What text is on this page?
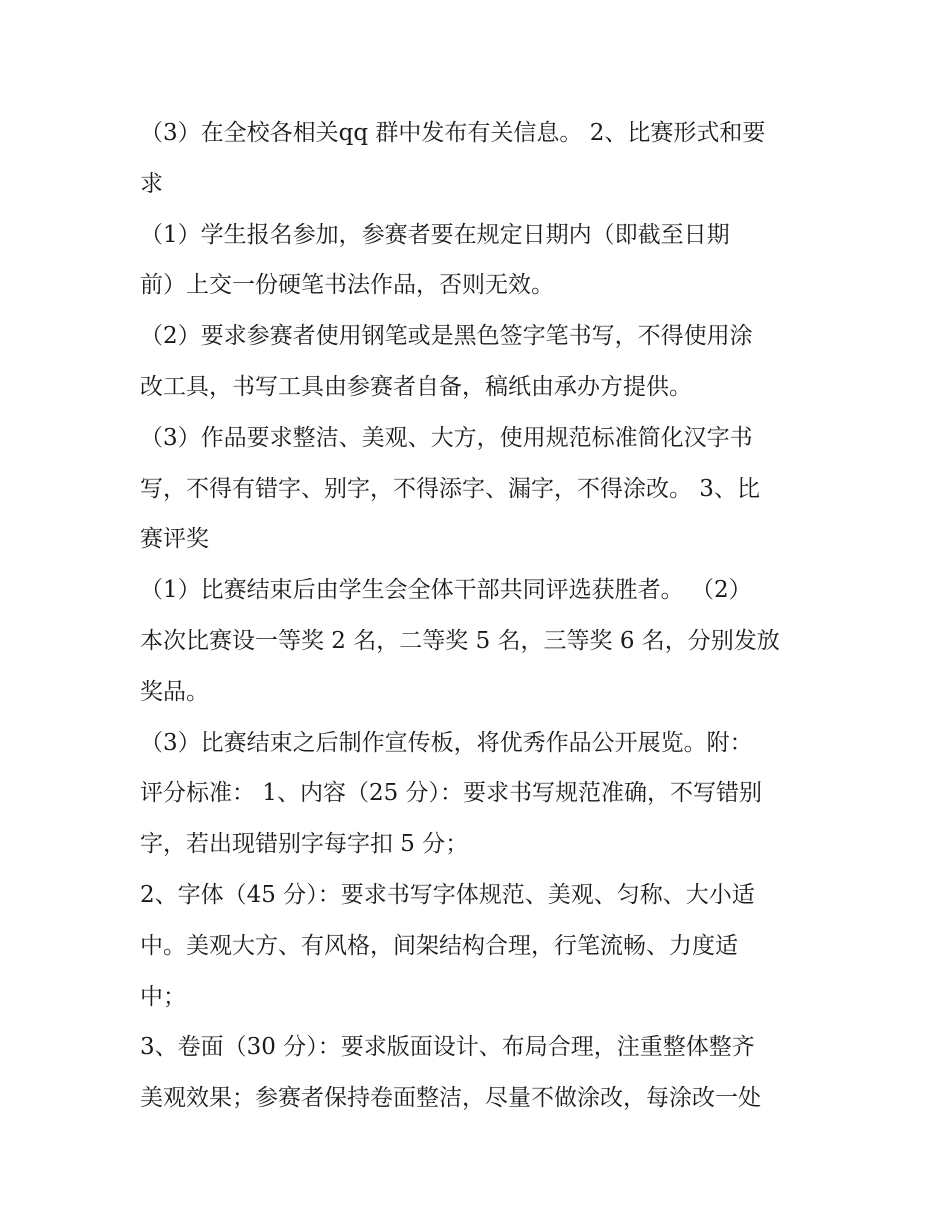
（3）在全校各相关qq 群中发布有关信息。 2、比赛形式和要
求
（1）学生报名参加，参赛者要在规定日期内（即截至日期
前）上交一份硬笔书法作品，否则无效。
（2）要求参赛者使用钢笔或是黑色签字笔书写，不得使用涂
改工具，书写工具由参赛者自备，稿纸由承办方提供。
（3）作品要求整洁、美观、大方，使用规范标准简化汉字书
写，不得有错字、别字，不得添字、漏字，不得涂改。 3、比
赛评奖
（1）比赛结束后由学生会全体干部共同评选获胜者。 （2）
本次比赛设一等奖 2 名，二等奖 5 名，三等奖 6 名，分别发放
奖品。
（3）比赛结束之后制作宣传板，将优秀作品公开展览。附：
评分标准： 1、内容（25 分）：要求书写规范准确，不写错别
字，若出现错别字每字扣 5 分；
2、字体（45 分）：要求书写字体规范、美观、匀称、大小适
中。美观大方、有风格，间架结构合理，行笔流畅、力度适
中；
3、卷面（30 分）：要求版面设计、布局合理，注重整体整齐
美观效果；参赛者保持卷面整洁，尽量不做涂改，每涂改一处
